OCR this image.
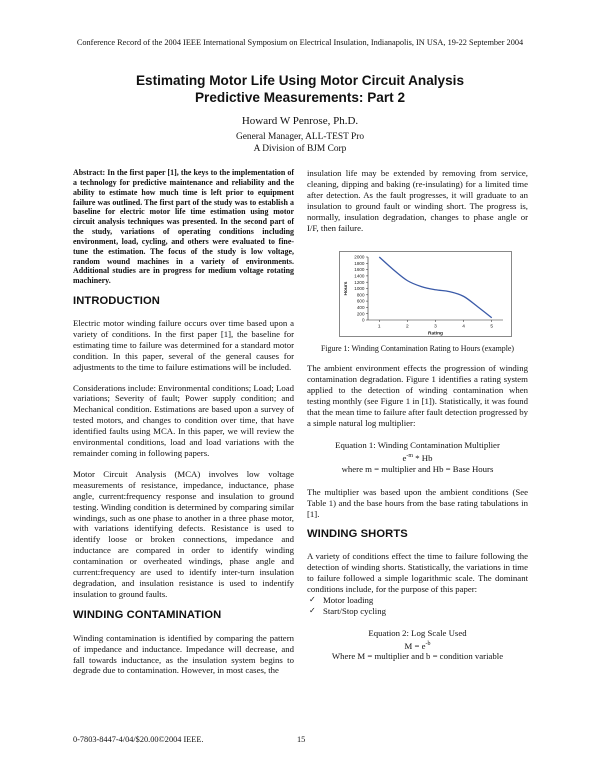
Conference Record of the 2004 IEEE International Symposium on Electrical Insulation, Indianapolis, IN USA, 19-22 September 2004
Estimating Motor Life Using Motor Circuit Analysis
Predictive Measurements: Part 2
Howard W Penrose, Ph.D.
General Manager, ALL-TEST Pro
A Division of BJM Corp

Abstract: In the first paper [1], the keys to the implementation of a technology for predictive maintenance and reliability and the ability to estimate how much time is left prior to equipment failure was outlined. The first part of the study was to establish a baseline for electric motor life time estimation using motor circuit analysis techniques was presented. In the second part of the study, variations of operating conditions including environment, load, cycling, and others were evaluated to fine-tune the estimation. The focus of the study is low voltage, random wound machines in a variety of environments. Additional studies are in progress for medium voltage rotating machinery.

INTRODUCTION

Electric motor winding failure occurs over time based upon a variety of conditions. In the first paper [1], the baseline for estimating time to failure was determined for a standard motor condition. In this paper, several of the general causes for adjustments to the time to failure estimations will be included.

Considerations include: Environmental conditions; Load; Load variations; Severity of fault; Power supply condition; and Mechanical condition. Estimations are based upon a survey of tested motors, and changes to condition over time, that have identified faults using MCA. In this paper, we will review the environmental conditions, load and load variations with the remainder coming in following papers.

Motor Circuit Analysis (MCA) involves low voltage measurements of resistance, impedance, inductance, phase angle, current:frequency response and insulation to ground testing. Winding condition is determined by comparing similar windings, such as one phase to another in a three phase motor, with variations identifying defects. Resistance is used to identify loose or broken connections, impedance and inductance are compared in order to identify winding contamination or overheated windings, phase angle and current:frequency are used to identify inter-turn insulation degradation, and insulation resistance is used to indentify insulation to ground faults.

WINDING CONTAMINATION

Winding contamination is identified by comparing the pattern of impedance and inductance. Impedance will decrease, and fall towards inductance, as the insulation system begins to degrade due to contamination. However, in most cases, the

insulation life may be extended by removing from service, cleaning, dipping and baking (re-insulating) for a limited time after detection. As the fault progresses, it will graduate to an insulation to ground fault or winding short. The progress is, normally, insulation degradation, changes to phase angle or I/F, then failure.

0
200
400
600
800
1000
1200
1400
1600
1800
2000
1	2	3	4	5
Rating
Hours
Figure 1: Winding Contamination Rating to Hours (example)

The ambient environment effects the progression of winding contamination degradation. Figure 1 identifies a rating system applied to the detection of winding contamination when testing monthly (see Figure 1 in [1]). Statistically, it was found that the mean time to failure after fault detection progressed by a simple natural log multiplier:

Equation 1: Winding Contamination Multiplier
$e^{-m}$ * Hb
where m = multiplier and Hb = Base Hours

The multiplier was based upon the ambient conditions (See Table 1) and the base hours from the base rating tabulations in [1].

WINDING SHORTS

A variety of conditions effect the time to failure following the detection of winding shorts. Statistically, the variations in time to failure followed a simple logarithmic scale. The dominant conditions include, for the purpose of this paper:

✓ Motor loading
✓ Start/Stop cycling
Equation 2: Log Scale Used
$M = e^{-b}$
Where M = multiplier and b = condition variable
0-7803-8447-4/04/$20.00©2004 IEEE.	15
